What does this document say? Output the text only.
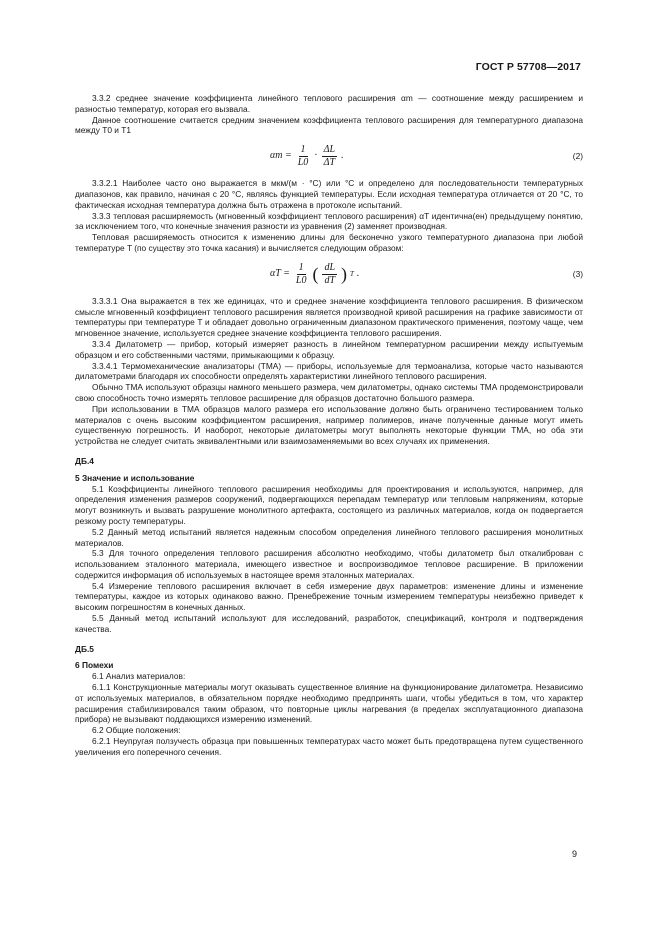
ГОСТ Р 57708—2017

3.3.2 среднее значение коэффициента линейного теплового расширения αm — соотношение между расширением и разностью температур, которая его вызвала.

Данное соотношение считается средним значением коэффициента теплового расширения для температурного диапазона между T0 и T1

$\alpha m = \frac{1}{L0} \cdot \frac{\Delta L}{\Delta T}$ .	(2)

3.3.2.1 Наиболее часто оно выражается в мкм/(м · °С) или °С и определено для последовательности температурных диапазонов, как правило, начиная с 20 °С, являясь функцией температуры. Если исходная температура отличается от 20 °С, то фактическая исходная температура должна быть отражена в протоколе испытаний.

3.3.3 тепловая расширяемость (мгновенный коэффициент теплового расширения) αT идентична(ен) предыдущему понятию, за исключением того, что конечные значения разности из уравнения (2) заменяет производная.

Тепловая расширяемость относится к изменению длины для бесконечно узкого температурного диапазона при любой температуре T (по существу это точка касания) и вычисляется следующим образом:

$\alpha T = \frac{1}{L0}$ ( $\frac{dL}{dT}$ ) T .	(3)

3.3.3.1 Она выражается в тех же единицах, что и среднее значение коэффициента теплового расширения. В физическом смысле мгновенный коэффициент теплового расширения является производной кривой расширения на графике зависимости от температуры при температуре T и обладает довольно ограниченным диапазоном практического применения, поэтому чаще, чем мгновенное значение, используется среднее значение коэффициента теплового расширения.

3.3.4 Дилатометр — прибор, который измеряет разность в линейном температурном расширении между испытуемым образцом и его собственными частями, примыкающими к образцу.

3.3.4.1 Термомеханические анализаторы (ТМА) — приборы, используемые для термоанализа, которые часто называются дилатометрами благодаря их способности определять характеристики линейного теплового расширения.

Обычно ТМА используют образцы намного меньшего размера, чем дилатометры, однако системы ТМА продемонстрировали свою способность точно измерять тепловое расширение для образцов достаточно большого размера.

При использовании в ТМА образцов малого размера его использование должно быть ограничено тестированием только материалов с очень высоким коэффициентом расширения, например полимеров, иначе полученные данные могут иметь существенную погрешность. И наоборот, некоторые дилатометры могут выполнять некоторые функции ТМА, но оба эти устройства не следует считать эквивалентными или взаимозаменяемыми во всех случаях их применения.

ДБ.4

5 Значение и использование

5.1 Коэффициенты линейного теплового расширения необходимы для проектирования и используются, например, для определения изменения размеров сооружений, подвергающихся перепадам температур или тепловым напряжениям, которые могут возникнуть и вызвать разрушение монолитного артефакта, состоящего из различных материалов, когда он подвергается резкому росту температуры.

5.2 Данный метод испытаний является надежным способом определения линейного теплового расширения монолитных материалов.

5.3 Для точного определения теплового расширения абсолютно необходимо, чтобы дилатометр был откалиброван с использованием эталонного материала, имеющего известное и воспроизводимое тепловое расширение. В приложении содержится информация об используемых в настоящее время эталонных материалах.

5.4 Измерение теплового расширения включает в себя измерение двух параметров: изменение длины и изменение температуры, каждое из которых одинаково важно. Пренебрежение точным измерением температуры неизбежно приведет к высоким погрешностям в конечных данных.

5.5 Данный метод испытаний используют для исследований, разработок, спецификаций, контроля и подтверждения качества.

ДБ.5

6 Помехи

6.1 Анализ материалов:

6.1.1 Конструкционные материалы могут оказывать существенное влияние на функционирование дилатометра. Независимо от используемых материалов, в обязательном порядке необходимо предпринять шаги, чтобы убедиться в том, что характер расширения стабилизировался таким образом, что повторные циклы нагревания (в пределах эксплуатационного диапазона прибора) не вызывают поддающихся измерению изменений.

6.2 Общие положения:

6.2.1 Неупругая ползучесть образца при повышенных температурах часто может быть предотвращена путем существенного увеличения его поперечного сечения.

9
